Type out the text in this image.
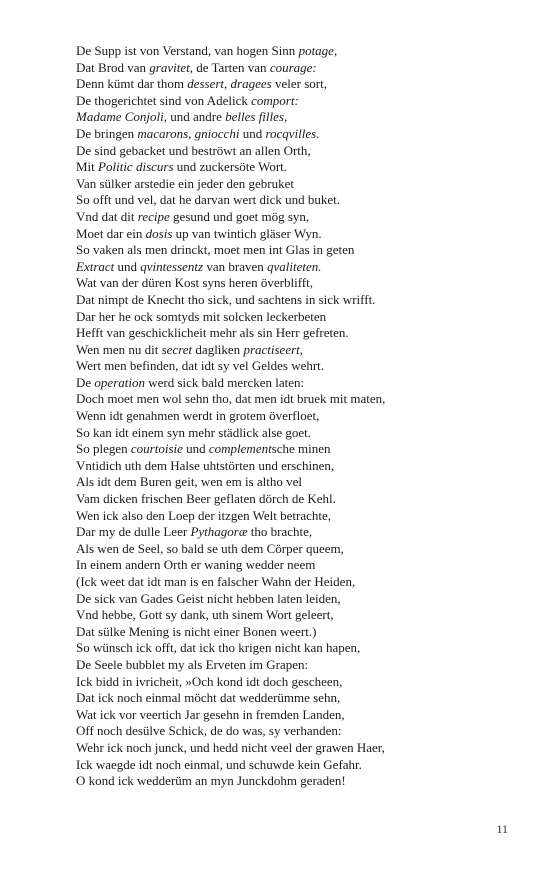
De Supp ist von Verstand, van hogen Sinn potage,
Dat Brod van gravitet, de Tarten van courage:
Denn kümt dar thom dessert, dragees veler sort,
De thogerichtet sind von Adelick comport:
Madame Conjoli, und andre belles filles,
De bringen macarons, gniocchi und rocqvilles.
De sind gebacket und beströwt an allen Orth,
Mit Politic discurs und zuckersöte Wort.
Van sülker arstedie ein jeder den gebruket
So offt und vel, dat he darvan wert dick und buket.
Vnd dat dit recipe gesund und goet mög syn,
Moet dar ein dosis up van twintich gläser Wyn.
So vaken als men drinckt, moet men int Glas in geten
Extract und qvintessentz van braven qvaliteten.
Wat van der düren Kost syns heren överblifft,
Dat nimpt de Knecht tho sick, und sachtens in sick wrifft.
Dar her he ock somtyds mit solcken leckerbeten
Hefft van geschicklicheit mehr als sin Herr gefreten.
Wen men nu dit secret dagliken practiseert,
Wert men befinden, dat idt sy vel Geldes wehrt.
De operation werd sick bald mercken laten:
Doch moet men wol sehn tho, dat men idt bruek mit maten,
Wenn idt genahmen werdt in grotem överfloet,
So kan idt einem syn mehr städlick alse goet.
So plegen courtoisie und complementsche minen
Vntidich uth dem Halse uhtstörten und erschinen,
Als idt dem Buren geit, wen em is altho vel
Vam dicken frischen Beer geflaten dörch de Kehl.
Wen ick also den Loep der itzgen Welt betrachte,
Dar my de dulle Leer Pythagoræ tho brachte,
Als wen de Seel, so bald se uth dem Cörper queem,
In einem andern Orth er waning wedder neem
(Ick weet dat idt man is en falscher Wahn der Heiden,
De sick van Gades Geist nicht hebben laten leiden,
Vnd hebbe, Gott sy dank, uth sinem Wort geleert,
Dat sülke Mening is nicht einer Bonen weert.)
So wünsch ick offt, dat ick tho krigen nicht kan hapen,
De Seele bubblet my als Erveten im Grapen:
Ick bidd in ivricheit, »Och kond idt doch gescheen,
Dat ick noch einmal möcht dat wedderümme sehn,
Wat ick vor veertich Jar gesehn in fremden Landen,
Off noch desülve Schick, de do was, sy verhanden:
Wehr ick noch junck, und hedd nicht veel der grawen Haer,
Ick waegde idt noch einmal, und schuwde kein Gefahr.
O kond ick wedderüm an myn Junckdohm geraden!
11
